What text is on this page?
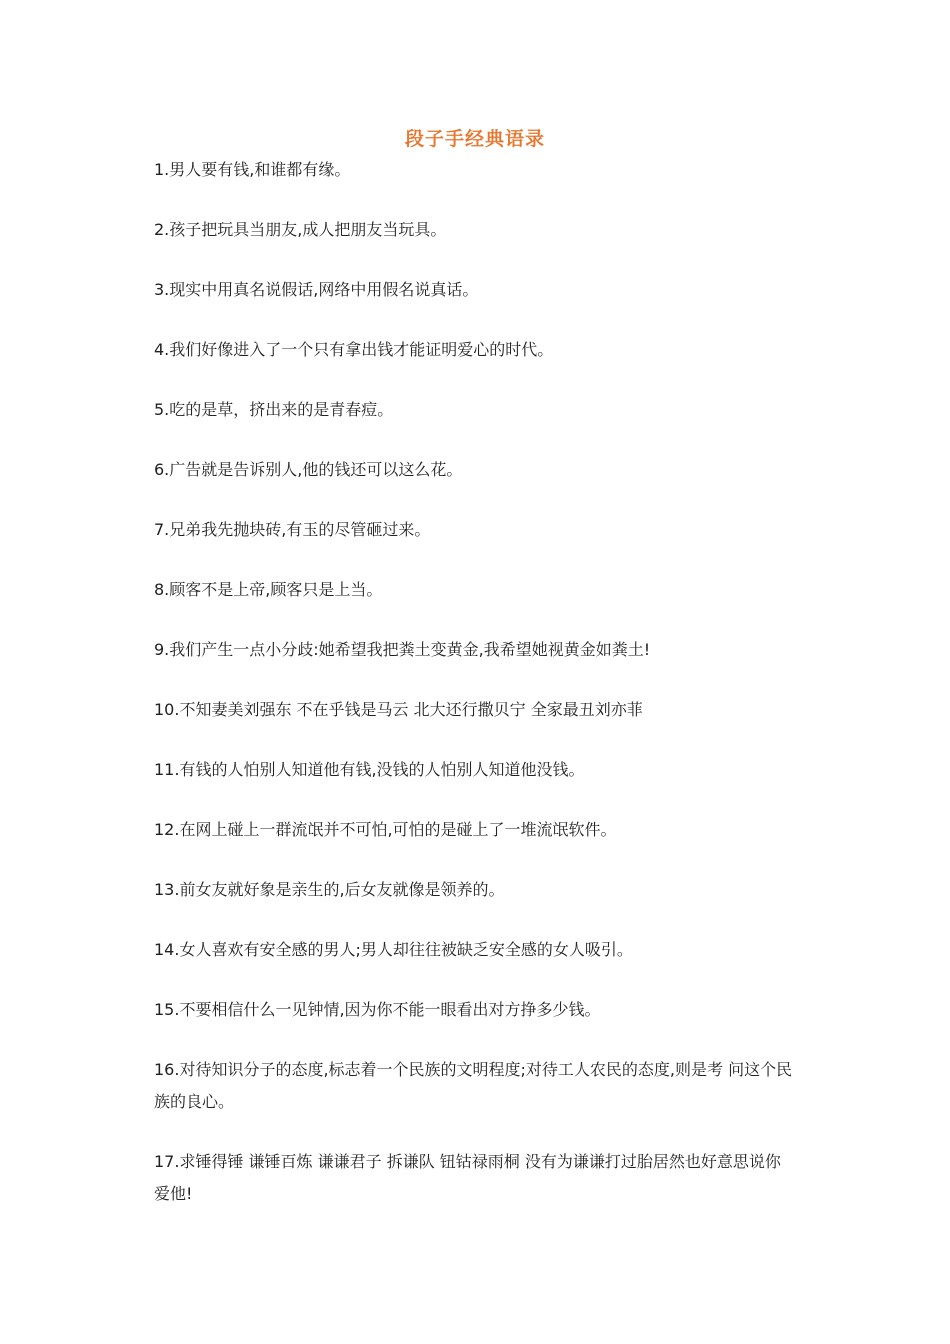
段子手经典语录
1.男人要有钱,和谁都有缘。
2.孩子把玩具当朋友,成人把朋友当玩具。
3.现实中用真名说假话,网络中用假名说真话。
4.我们好像进入了一个只有拿出钱才能证明爱心的时代。
5.吃的是草，挤出来的是青春痘。
6.广告就是告诉别人,他的钱还可以这么花。
7.兄弟我先抛块砖,有玉的尽管砸过来。
8.顾客不是上帝,顾客只是上当。
9.我们产生一点小分歧:她希望我把粪土变黄金,我希望她视黄金如粪土!
10.不知妻美刘强东 不在乎钱是马云 北大还行撒贝宁 全家最丑刘亦菲
11.有钱的人怕别人知道他有钱,没钱的人怕别人知道他没钱。
12.在网上碰上一群流氓并不可怕,可怕的是碰上了一堆流氓软件。
13.前女友就好象是亲生的,后女友就像是领养的。
14.女人喜欢有安全感的男人;男人却往往被缺乏安全感的女人吸引。
15.不要相信什么一见钟情,因为你不能一眼看出对方挣多少钱。
16.对待知识分子的态度,标志着一个民族的文明程度;对待工人农民的态度,则是考 问这个民族的良心。
17.求锤得锤 谦锤百炼 谦谦君子 拆谦队 钮钴禄雨桐 没有为谦谦打过胎居然也好意思说你爱他!
